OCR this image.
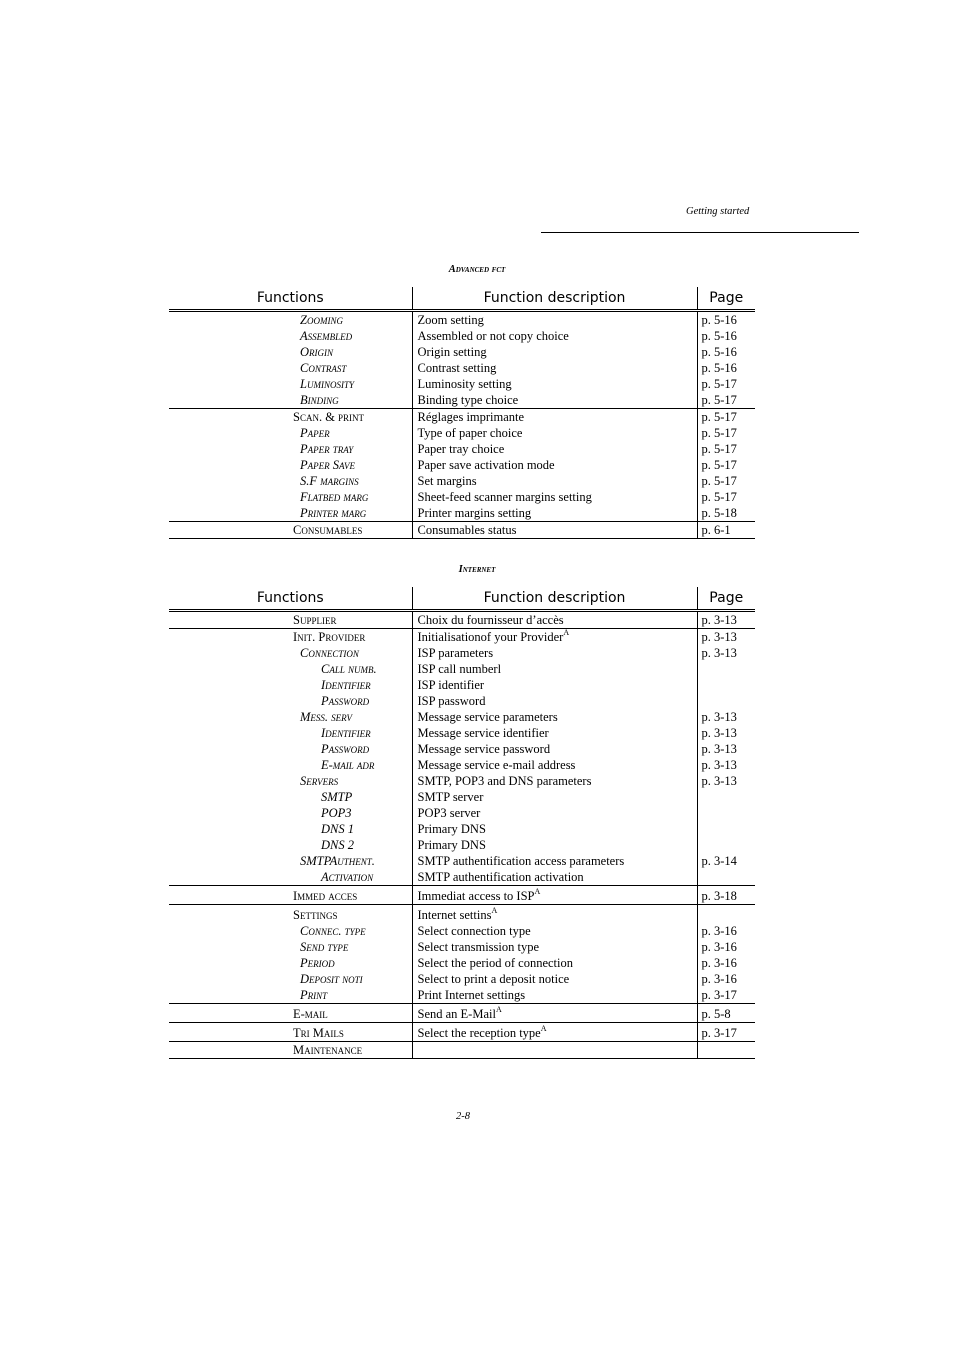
Getting started
Advanced fct
Functions	Function description	Page
Zooming	Zoom setting	p. 5-16
Assembled	Assembled or not copy choice	p. 5-16
Origin	Origin setting	p. 5-16
Contrast	Contrast setting	p. 5-16
Luminosity	Luminosity setting	p. 5-17
Binding	Binding type choice	p. 5-17
Scan. & print	Réglages imprimante	p. 5-17
Paper	Type of paper choice	p. 5-17
Paper tray	Paper tray choice	p. 5-17
Paper Save	Paper save activation mode	p. 5-17
S.F margins	Set margins	p. 5-17
Flatbed marg	Sheet-feed scanner margins setting	p. 5-17
Printer marg	Printer margins setting	p. 5-18
Consumables	Consumables status	p. 6-1
Internet
Functions	Function description	Page
Supplier	Choix du fournisseur d’accès	p. 3-13
Init. Provider	Initialisationof your Provider$^A$	p. 3-13
Connection	ISP parameters	p. 3-13
Call numb.	ISP call numberl	
Identifier	ISP identifier	
Password	ISP password	
Mess. serv	Message service parameters	p. 3-13
Identifier	Message service identifier	p. 3-13
Password	Message service password	p. 3-13
E-mail adr	Message service e-mail address	p. 3-13
Servers	SMTP, POP3 and DNS parameters	p. 3-13
SMTP	SMTP server	
POP3	POP3 server	
DNS 1	Primary DNS	
DNS 2	Primary DNS	
SMTPAuthent.	SMTP authentification access parameters	p. 3-14
Activation	SMTP authentification activation	
Immed acces	Immediat access to $ISP^A$	p. 3-18
Settings	Internet settins$^A$	
Connec. type	Select connection type	p. 3-16
Send type	Select transmission type	p. 3-16
Period	Select the period of connection	p. 3-16
Deposit noti	Select to print a deposit notice	p. 3-16
Print	Print Internet settings	p. 3-17
E-mail	Send an E-Mail$^A$	p. 5-8
Tri Mails	Select the reception type$^A$	p. 3-17
Maintenance		
2-8
